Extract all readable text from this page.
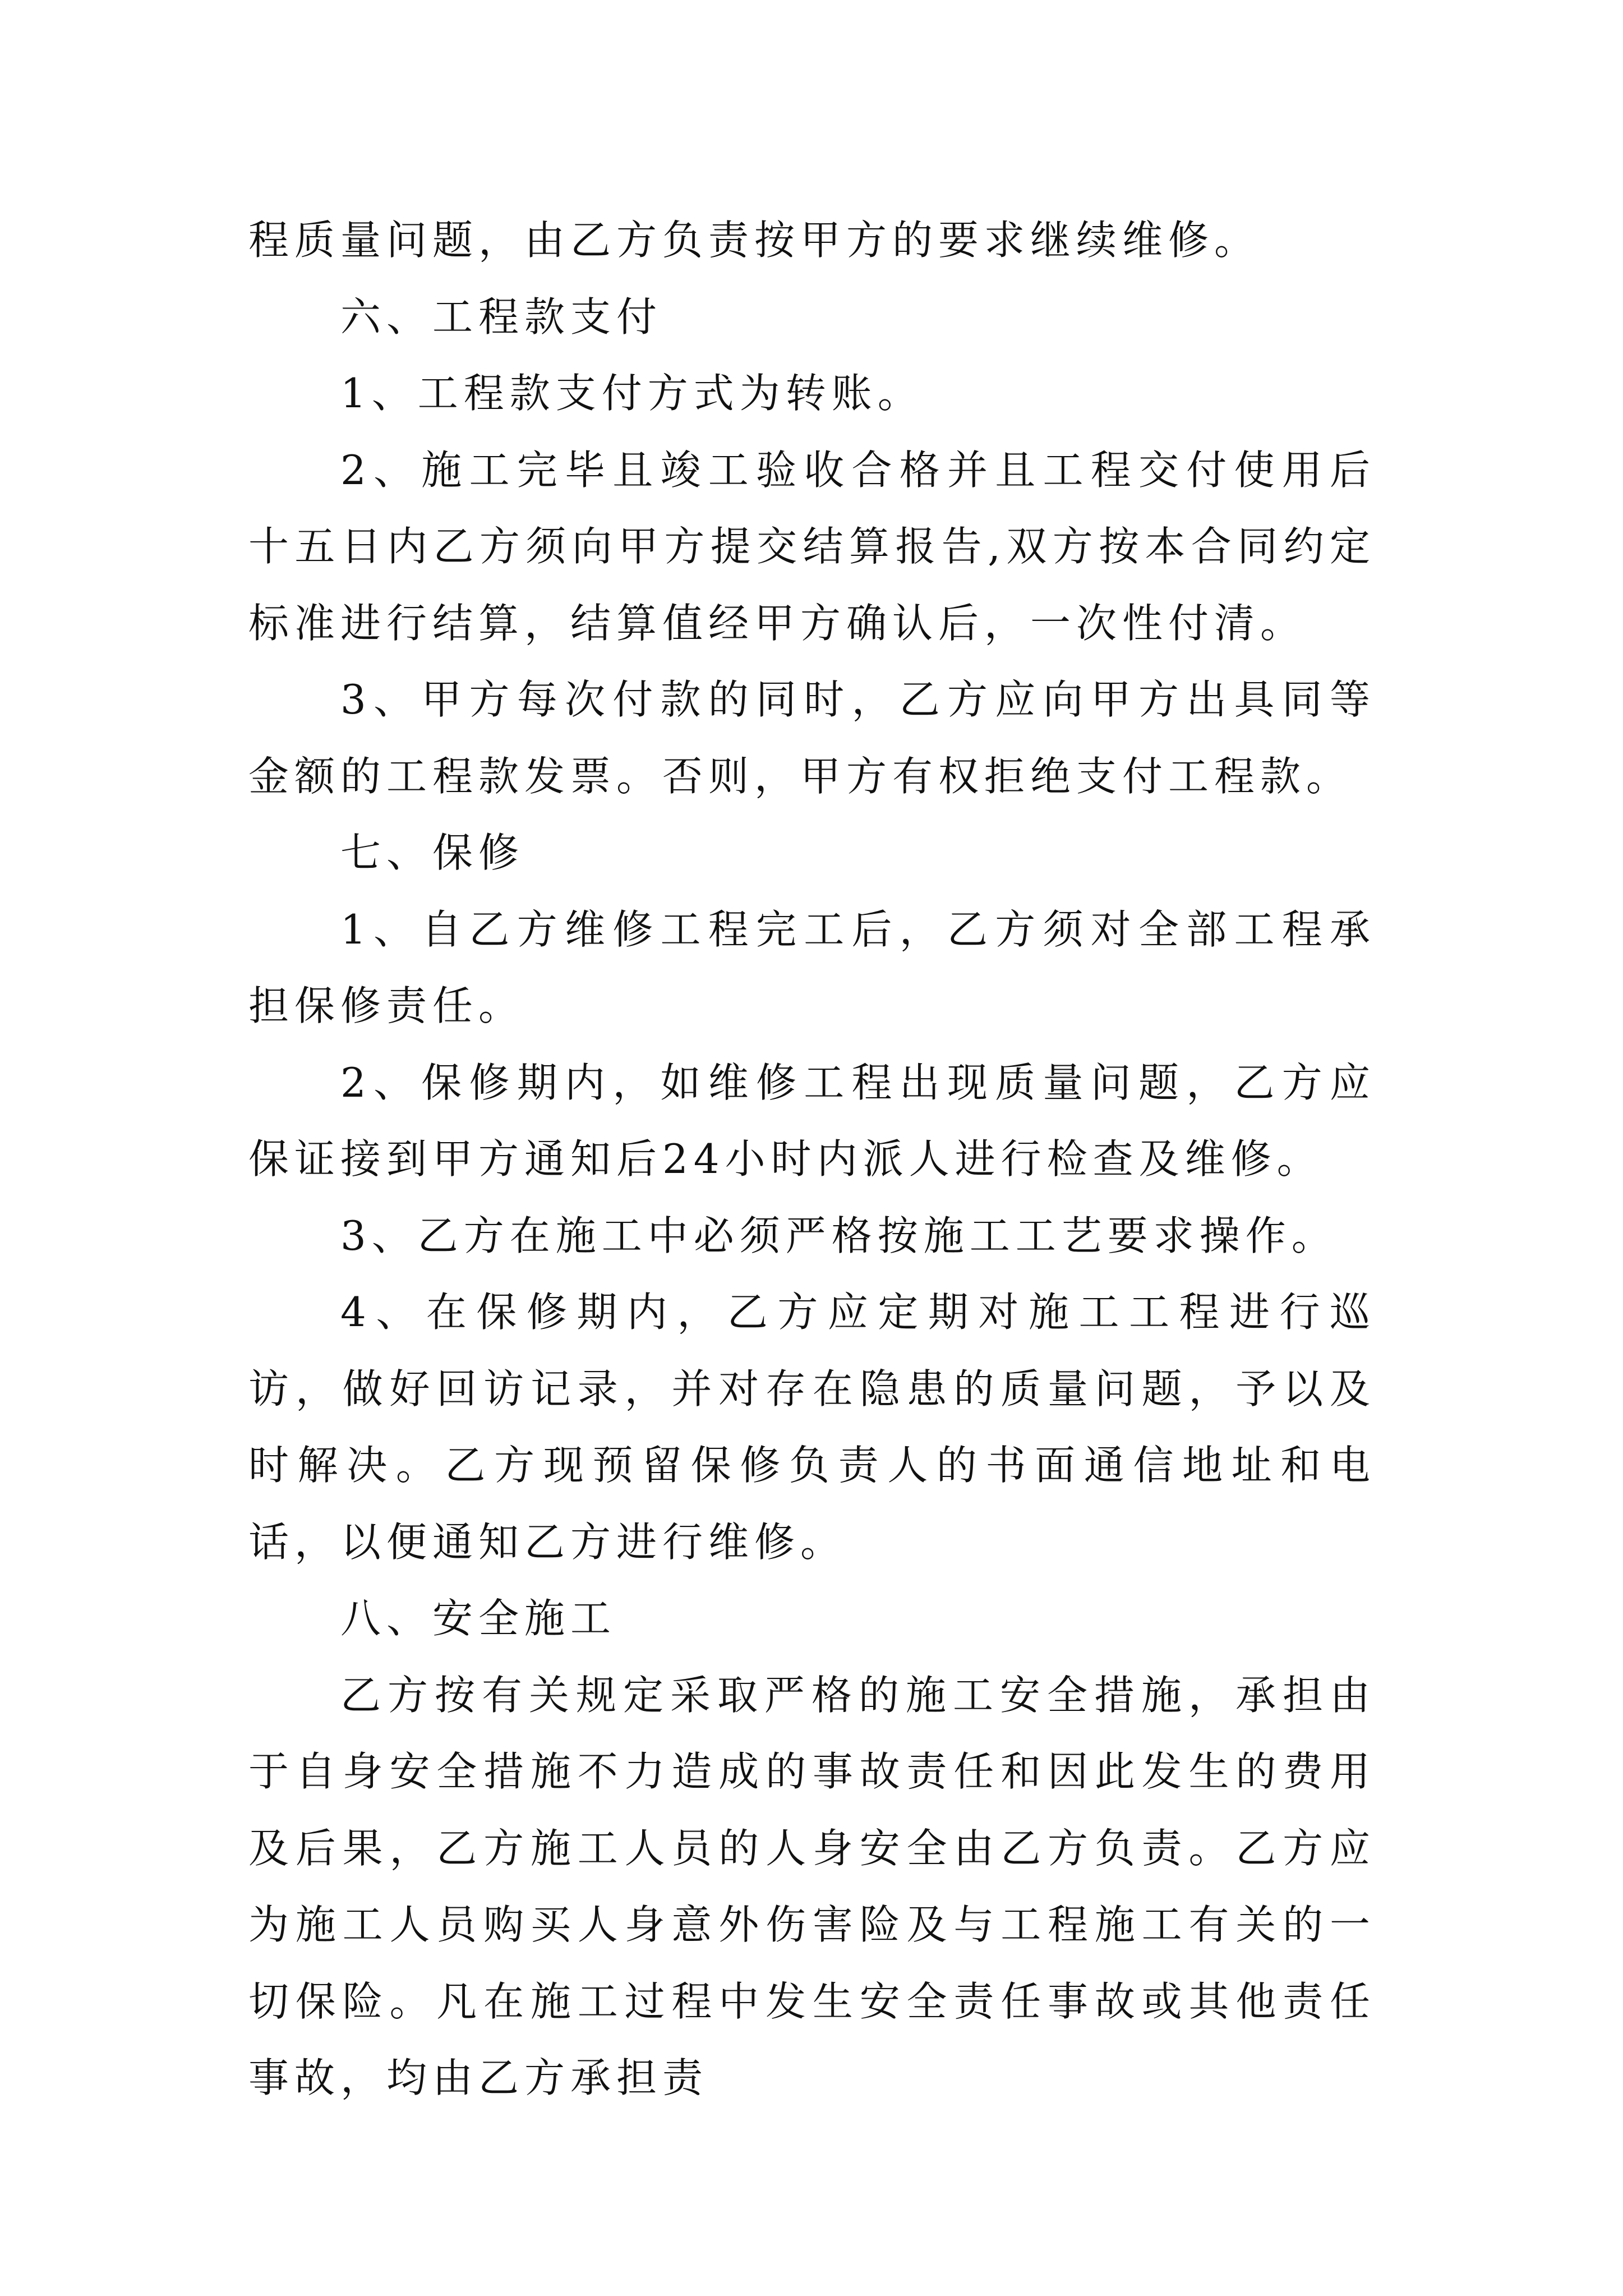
程质量问题，由乙方负责按甲方的要求继续维修。

六、工程款支付

1、工程款支付方式为转账。

2、施工完毕且竣工验收合格并且工程交付使用后十五日内乙方须向甲方提交结算报告,双方按本合同约定标准进行结算，结算值经甲方确认后，一次性付清。

3、甲方每次付款的同时，乙方应向甲方出具同等金额的工程款发票。否则，甲方有权拒绝支付工程款。

七、保修

1、自乙方维修工程完工后，乙方须对全部工程承担保修责任。

2、保修期内，如维修工程出现质量问题，乙方应保证接到甲方通知后24小时内派人进行检查及维修。

3、乙方在施工中必须严格按施工工艺要求操作。

4、在保修期内，乙方应定期对施工工程进行巡访，做好回访记录，并对存在隐患的质量问题，予以及时解决。乙方现预留保修负责人的书面通信地址和电话，以便通知乙方进行维修。

八、安全施工

乙方按有关规定采取严格的施工安全措施，承担由于自身安全措施不力造成的事故责任和因此发生的费用及后果，乙方施工人员的人身安全由乙方负责。乙方应为施工人员购买人身意外伤害险及与工程施工有关的一切保险。凡在施工过程中发生安全责任事故或其他责任事故，均由乙方承担责
